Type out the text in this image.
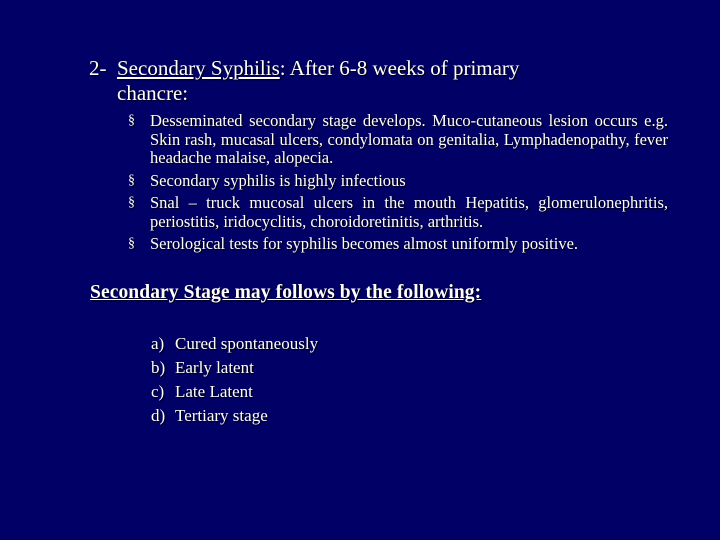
2- Secondary Syphilis: After 6-8 weeks of primary
chancre:
§ Desseminated secondary stage develops. Muco-cutaneous lesion occurs e.g. Skin rash, mucasal ulcers, condylomata on genitalia, Lymphadenopathy, fever headache malaise, alopecia.
§ Secondary syphilis is highly infectious
§ Snal – truck mucosal ulcers in the mouth Hepatitis, glomerulonephritis, periostitis, iridocyclitis, choroidoretinitis, arthritis.
§ Serological tests for syphilis becomes almost uniformly positive.
Secondary Stage may follows by the following:
a) Cured spontaneously
b) Early latent
c) Late Latent
d) Tertiary stage
